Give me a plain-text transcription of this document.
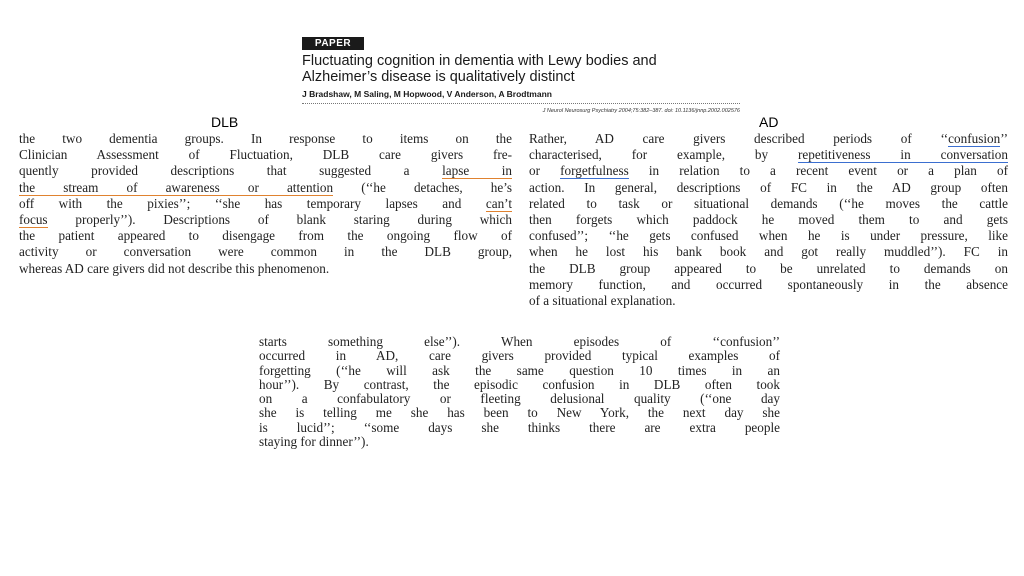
PAPER
Fluctuating cognition in dementia with Lewy bodies and
Alzheimer’s disease is qualitatively distinct
J Bradshaw, M Saling, M Hopwood, V Anderson, A Brodtmann
J Neurol Neurosurg Psychiatry 2004;75:382–387. doi: 10.1136/jnnp.2002.002576
DLB	AD
the two dementia groups. In response to items on the
Clinician Assessment of Fluctuation, DLB care givers fre-
quently provided descriptions that suggested a lapse in
the stream of awareness or attention (‘‘he detaches, he’s
off with the pixies’’; ‘‘she has temporary lapses and can’t
focus properly’’). Descriptions of blank staring during which
the patient appeared to disengage from the ongoing flow of
activity or conversation were common in the DLB group,
whereas AD care givers did not describe this phenomenon.
Rather, AD care givers described periods of ‘‘confusion’’
characterised, for example, by repetitiveness in conversation
or forgetfulness in relation to a recent event or a plan of
action. In general, descriptions of FC in the AD group often
related to task or situational demands (‘‘he moves the cattle
then forgets which paddock he moved them to and gets
confused’’; ‘‘he gets confused when he is under pressure, like
when he lost his bank book and got really muddled’’). FC in
the DLB group appeared to be unrelated to demands on
memory function, and occurred spontaneously in the absence
of a situational explanation.
starts something else’’). When episodes of ‘‘confusion’’
occurred in AD, care givers provided typical examples of
forgetting (‘‘he will ask the same question 10 times in an
hour’’). By contrast, the episodic confusion in DLB often took
on a confabulatory or fleeting delusional quality (‘‘one day
she is telling me she has been to New York, the next day she
is lucid’’; ‘‘some days she thinks there are extra people
staying for dinner’’).
